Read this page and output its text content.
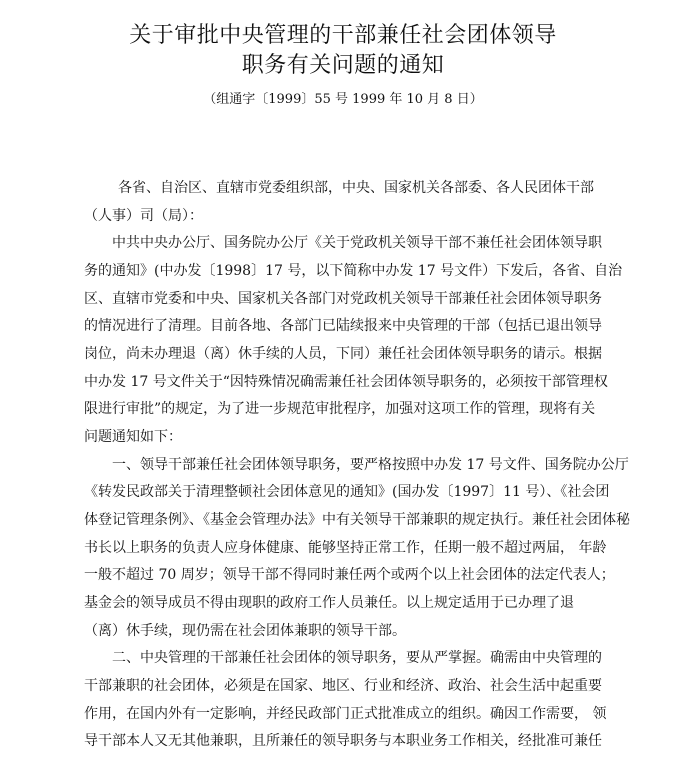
关于审批中央管理的干部兼任社会团体领导
职务有关问题的通知
（组通字〔1999〕55 号 1999 年 10 月 8 日）
各省、自治区、直辖市党委组织部，中央、国家机关各部委、各人民团体干部
（人事）司（局）：
中共中央办公厅、国务院办公厅《关于党政机关领导干部不兼任社会团体领导职
务的通知》(中办发〔1998〕17 号，以下简称中办发 17 号文件）下发后，各省、自治
区、直辖市党委和中央、国家机关各部门对党政机关领导干部兼任社会团体领导职务
的情况进行了清理。目前各地、各部门已陆续报来中央管理的干部（包括已退出领导
岗位，尚未办理退（离）休手续的人员，下同）兼任社会团体领导职务的请示。根据
中办发 17 号文件关于“因特殊情况确需兼任社会团体领导职务的，必须按干部管理权
限进行审批”的规定，为了进一步规范审批程序，加强对这项工作的管理，现将有关
问题通知如下：
一、领导干部兼任社会团体领导职务，要严格按照中办发 17 号文件、国务院办公厅
《转发民政部关于清理整顿社会团体意见的通知》(国办发〔1997〕11 号）、《社会团
体登记管理条例》、《基金会管理办法》中有关领导干部兼职的规定执行。兼任社会团体秘
书长以上职务的负责人应身体健康、能够坚持正常工作，任期一般不超过两届， 年龄
一般不超过 70 周岁；领导干部不得同时兼任两个或两个以上社会团体的法定代表人；
基金会的领导成员不得由现职的政府工作人员兼任。以上规定适用于已办理了退
（离）休手续，现仍需在社会团体兼职的领导干部。
二、中央管理的干部兼任社会团体的领导职务，要从严掌握。确需由中央管理的
干部兼职的社会团体，必须是在国家、地区、行业和经济、政治、社会生活中起重要
作用，在国内外有一定影响，并经民政部门正式批准成立的组织。确因工作需要， 领
导干部本人又无其他兼职，且所兼任的领导职务与本职业务工作相关，经批准可兼任
